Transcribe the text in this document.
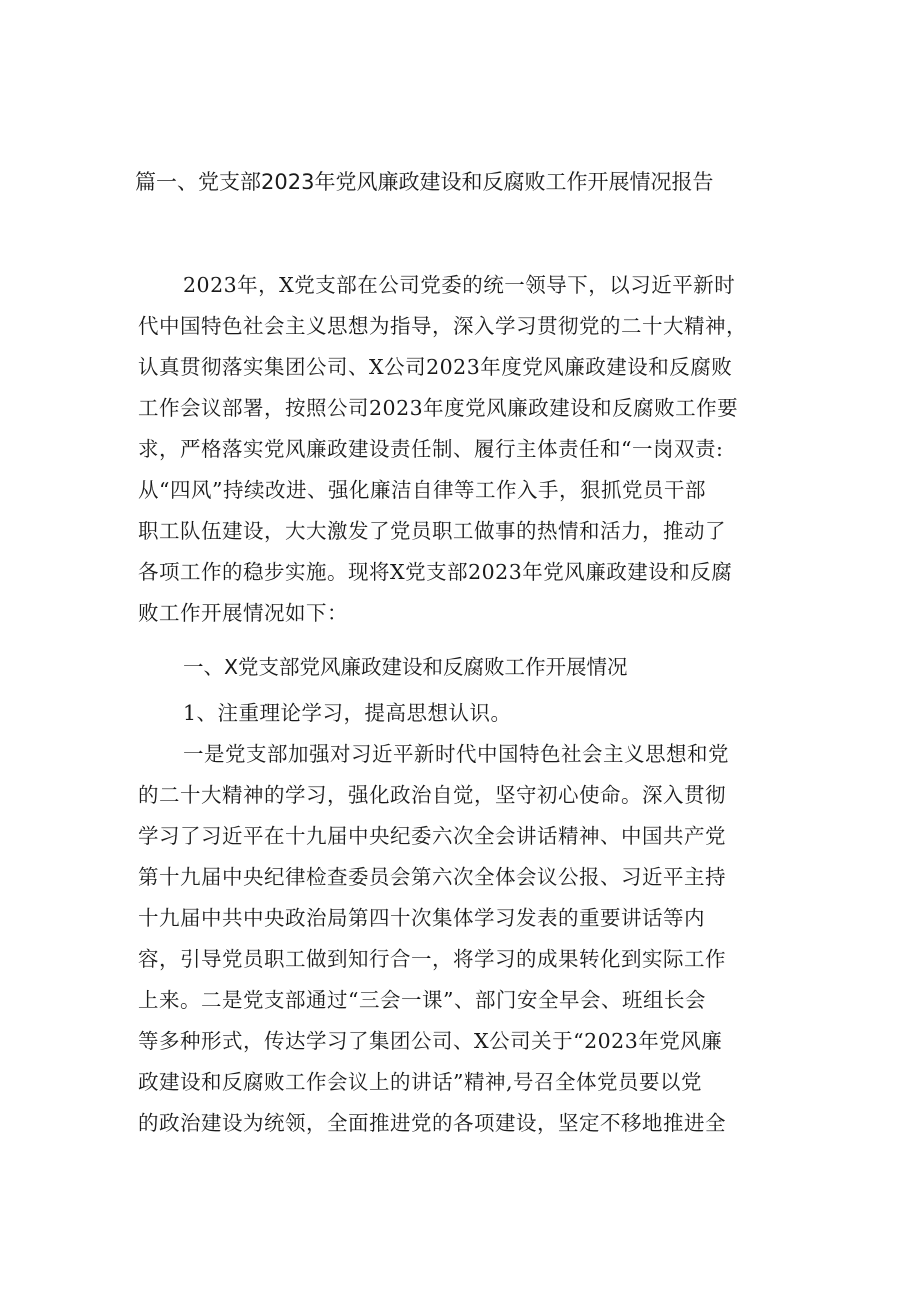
篇一、党支部2023年党风廉政建设和反腐败工作开展情况报告
2023年，X党支部在公司党委的统一领导下，以习近平新时
代中国特色社会主义思想为指导，深入学习贯彻党的二十大精神，
认真贯彻落实集团公司、X公司2023年度党风廉政建设和反腐败
工作会议部署，按照公司2023年度党风廉政建设和反腐败工作要
求，严格落实党风廉政建设责任制、履行主体责任和“一岗双责:
从“四风”持续改进、强化廉洁自律等工作入手，狠抓党员干部
职工队伍建设，大大激发了党员职工做事的热情和活力，推动了
各项工作的稳步实施。现将X党支部2023年党风廉政建设和反腐
败工作开展情况如下：
一、X党支部党风廉政建设和反腐败工作开展情况
1、注重理论学习，提高思想认识。
一是党支部加强对习近平新时代中国特色社会主义思想和党
的二十大精神的学习，强化政治自觉，坚守初心使命。深入贯彻
学习了习近平在十九届中央纪委六次全会讲话精神、中国共产党
第十九届中央纪律检查委员会第六次全体会议公报、习近平主持
十九届中共中央政治局第四十次集体学习发表的重要讲话等内
容，引导党员职工做到知行合一，将学习的成果转化到实际工作
上来。二是党支部通过“三会一课”、部门安全早会、班组长会
等多种形式，传达学习了集团公司、X公司关于“2023年党风廉
政建设和反腐败工作会议上的讲话”精神,号召全体党员要以党
的政治建设为统领，全面推进党的各项建设，坚定不移地推进全
